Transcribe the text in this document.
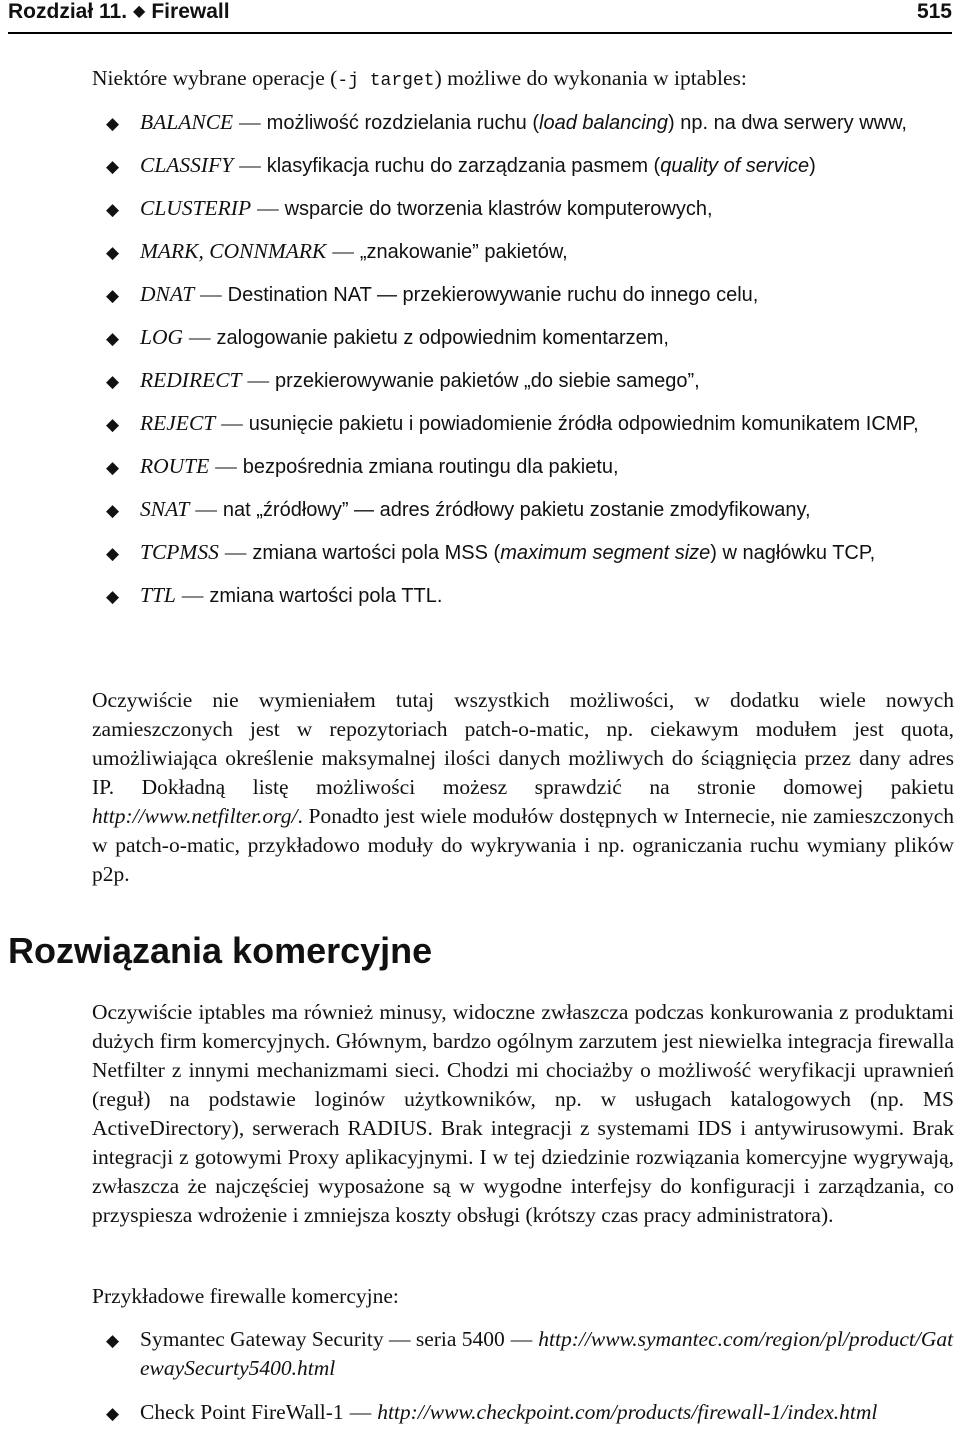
Rozdział 11. ◆ Firewall	515

Niektóre wybrane operacje (-j target) możliwe do wykonania w iptables:

◆ BALANCE — możliwość rozdzielania ruchu (load balancing) np. na dwa serwery www,
◆ CLASSIFY — klasyfikacja ruchu do zarządzania pasmem (quality of service)
◆ CLUSTERIP — wsparcie do tworzenia klastrów komputerowych,
◆ MARK, CONNMARK — „znakowanie” pakietów,
◆ DNAT — Destination NAT — przekierowywanie ruchu do innego celu,
◆ LOG — zalogowanie pakietu z odpowiednim komentarzem,
◆ REDIRECT — przekierowywanie pakietów „do siebie samego”,
◆ REJECT — usunięcie pakietu i powiadomienie źródła odpowiednim komunikatem ICMP,
◆ ROUTE — bezpośrednia zmiana routingu dla pakietu,
◆ SNAT — nat „źródłowy” — adres źródłowy pakietu zostanie zmodyfikowany,
◆ TCPMSS — zmiana wartości pola MSS (maximum segment size) w nagłówku TCP,
◆ TTL — zmiana wartości pola TTL.

Oczywiście nie wymieniałem tutaj wszystkich możliwości, w dodatku wiele nowych zamieszczonych jest w repozytoriach patch-o-matic, np. ciekawym modułem jest quota, umożliwiająca określenie maksymalnej ilości danych możliwych do ściągnięcia przez dany adres IP. Dokładną listę możliwości możesz sprawdzić na stronie domowej pakietu http://www.netfilter.org/. Ponadto jest wiele modułów dostępnych w Internecie, nie zamieszczonych w patch-o-matic, przykładowo moduły do wykrywania i np. ograniczania ruchu wymiany plików p2p.

Rozwiązania komercyjne

Oczywiście iptables ma również minusy, widoczne zwłaszcza podczas konkurowania z produktami dużych firm komercyjnych. Głównym, bardzo ogólnym zarzutem jest niewielka integracja firewalla Netfilter z innymi mechanizmami sieci. Chodzi mi chociażby o możliwość weryfikacji uprawnień (reguł) na podstawie loginów użytkowników, np. w usługach katalogowych (np. MS ActiveDirectory), serwerach RADIUS. Brak integracji z systemami IDS i antywirusowymi. Brak integracji z gotowymi Proxy aplikacyjnymi. I w tej dziedzinie rozwiązania komercyjne wygrywają, zwłaszcza że najczęściej wyposażone są w wygodne interfejsy do konfiguracji i zarządzania, co przyspiesza wdrożenie i zmniejsza koszty obsługi (krótszy czas pracy administratora).

Przykładowe firewalle komercyjne:

◆ Symantec Gateway Security — seria 5400 — http://www.symantec.com/region/pl/product/GatewaySecurty5400.html
◆ Check Point FireWall-1 — http://www.checkpoint.com/products/firewall-1/index.html
